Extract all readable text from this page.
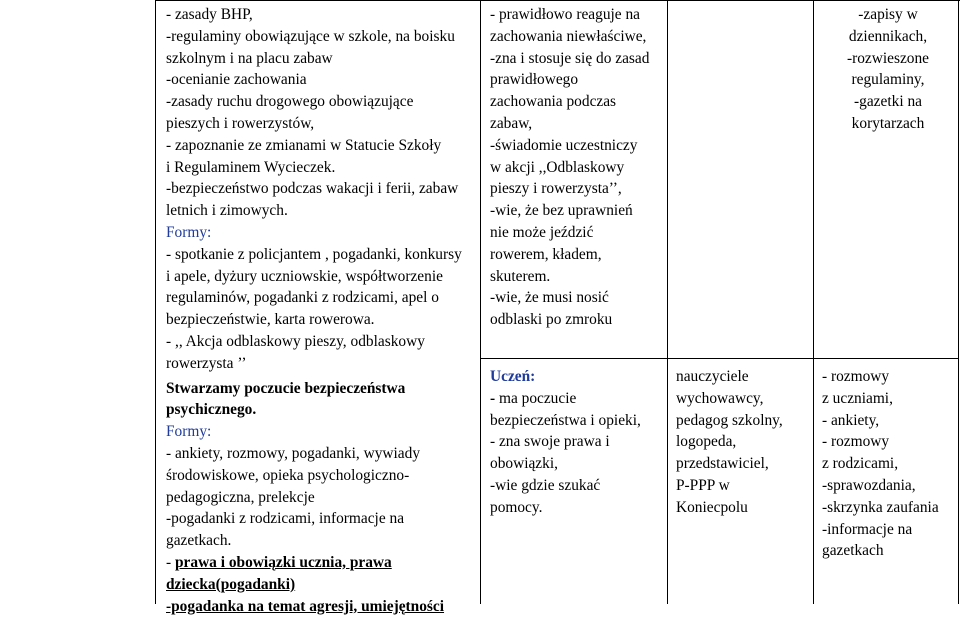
- zasady BHP,

-regulaminy obowiązujące w szkole, na boisku

szkolnym i na placu zabaw

-ocenianie zachowania

-zasady ruchu drogowego obowiązujące

pieszych i rowerzystów,

- zapoznanie ze zmianami w Statucie Szkoły

i Regulaminem Wycieczek.

-bezpieczeństwo podczas wakacji i ferii, zabaw

letnich i zimowych.

Formy:

- spotkanie z policjantem , pogadanki, konkursy

i apele, dyżury uczniowskie, współtworzenie

regulaminów, pogadanki z rodzicami, apel o

bezpieczeństwie, karta rowerowa.

- ,, Akcja odblaskowy pieszy, odblaskowy

rowerzysta ’’

Stwarzamy poczucie bezpieczeństwa

psychicznego.

Formy:

- ankiety, rozmowy, pogadanki, wywiady

środowiskowe, opieka psychologiczno-

pedagogiczna, prelekcje

-pogadanki z rodzicami, informacje na

gazetkach.

- prawa i obowiązki ucznia, prawa

dziecka(pogadanki)

-pogadanka na temat agresji, umiejętności

- prawidłowo reaguje na

zachowania niewłaściwe,

-zna i stosuje się do zasad

prawidłowego

zachowania podczas

zabaw,

-świadomie uczestniczy

w akcji ,,Odblaskowy

pieszy i rowerzysta’’,

-wie, że bez uprawnień

nie może jeździć

rowerem, kładem,

skuterem.

-wie, że musi nosić

odblaski po zmroku

Uczeń:

- ma poczucie

bezpieczeństwa i opieki,

- zna swoje prawa i

obowiązki,

-wie gdzie szukać

pomocy.

nauczyciele

wychowawcy,

pedagog szkolny,

logopeda,

przedstawiciel,

P-PPP w

Koniecpolu

-zapisy w

dziennikach,

-rozwieszone

regulaminy,

-gazetki na

korytarzach

- rozmowy

z uczniami,

- ankiety,

- rozmowy

z rodzicami,

-sprawozdania,

-skrzynka zaufania

-informacje na

gazetkach
